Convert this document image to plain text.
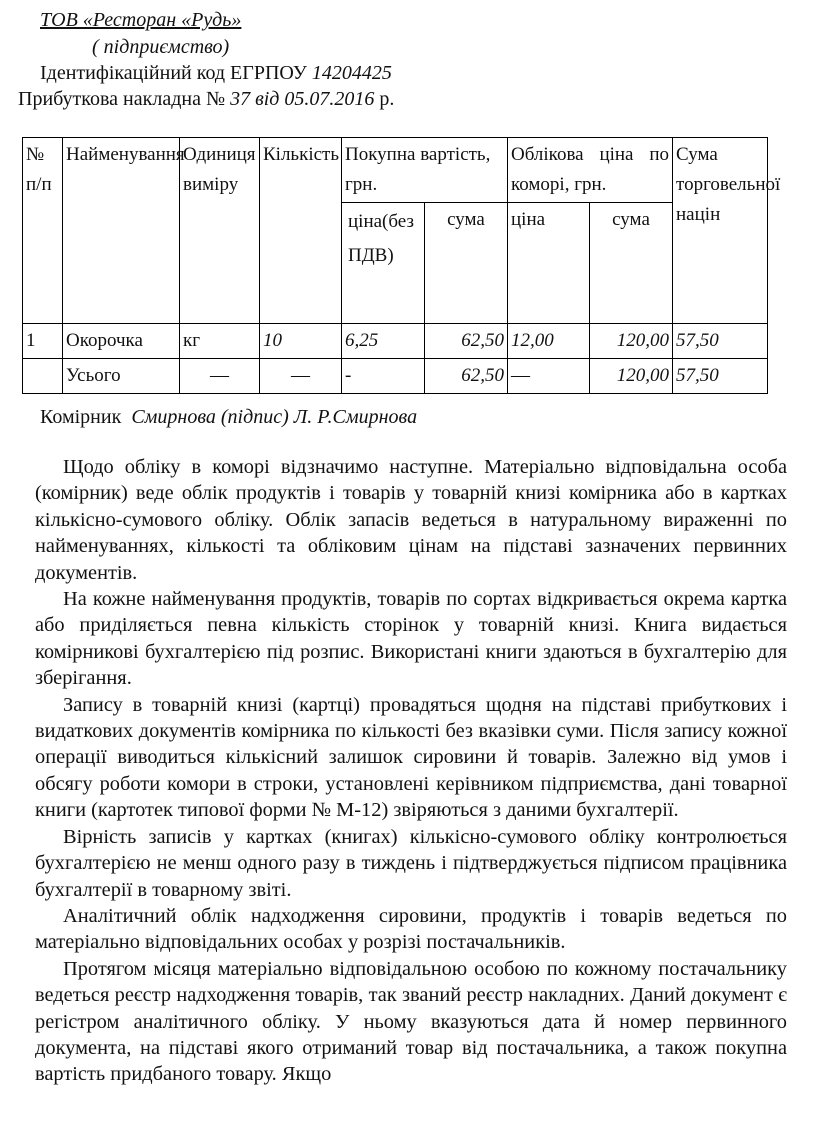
ТОВ «Ресторан «Рудь»
( підприємство)
Ідентифікаційний код ЕГРПОУ 14204425
Прибуткова накладна № 37 від 05.07.2016 р.
№ п/п	Найменування	Одиниця виміру	Кількість	Покупна вартість, грн.		Облікова ціна по коморі, грн.		Сума торговельної націн
				ціна(без ПДВ)	сума	ціна	сума	
1	Окорочка	кг	10	6,25	62,50	12,00	120,00	57,50
	Усього	—	—	-	62,50	—	120,00	57,50
Комірник Смирнова (підпис) Л. Р.Смирнова

Щодо обліку в коморі відзначимо наступне. Матеріально відповідальна особа (комірник) веде облік продуктів і товарів у товарній книзі комірника або в картках кількісно-сумового обліку. Облік запасів ведеться в натуральному вираженні по найменуваннях, кількості та обліковим цінам на підставі зазначених первинних документів.

На кожне найменування продуктів, товарів по сортах відкривається окрема картка або приділяється певна кількість сторінок у товарній книзі. Книга видається комірникові бухгалтерією під розпис. Використані книги здаються в бухгалтерію для зберігання.

Запису в товарній книзі (картці) провадяться щодня на підставі прибуткових і видаткових документів комірника по кількості без вказівки суми. Після запису кожної операції виводиться кількісний залишок сировини й товарів. Залежно від умов і обсягу роботи комори в строки, установлені керівником підприємства, дані товарної книги (картотек типової форми № М-12) звіряються з даними бухгалтерії.

Вірність записів у картках (книгах) кількісно-сумового обліку контролюється бухгалтерією не менш одного разу в тиждень і підтверджується підписом працівника бухгалтерії в товарному звіті.

Аналітичний облік надходження сировини, продуктів і товарів ведеться по матеріально відповідальних особах у розрізі постачальників.

Протягом місяця матеріально відповідальною особою по кожному постачальнику ведеться реєстр надходження товарів, так званий реєстр накладних. Даний документ є регістром аналітичного обліку. У ньому вказуються дата й номер первинного документа, на підставі якого отриманий товар від постачальника, а також покупна вартість придбаного товару. Якщо
